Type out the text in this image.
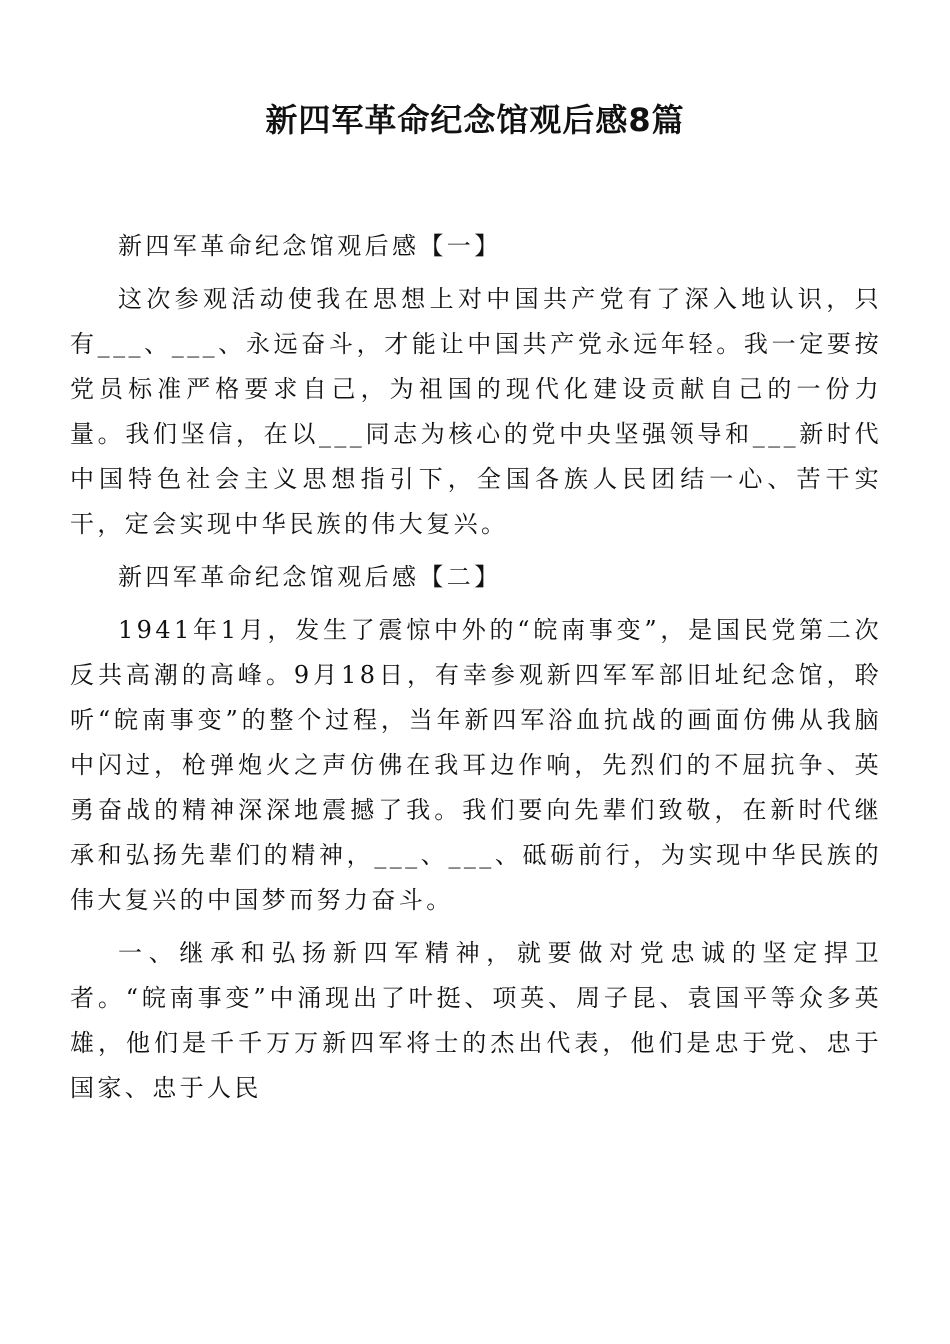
新四军革命纪念馆观后感8篇

新四军革命纪念馆观后感【一】

这次参观活动使我在思想上对中国共产党有了深入地认识，只有___、___、永远奋斗，才能让中国共产党永远年轻。我一定要按党员标准严格要求自己，为祖国的现代化建设贡献自己的一份力量。我们坚信，在以___同志为核心的党中央坚强领导和___新时代中国特色社会主义思想指引下，全国各族人民团结一心、苦干实干，定会实现中华民族的伟大复兴。

新四军革命纪念馆观后感【二】

1941年1月，发生了震惊中外的“皖南事变”，是国民党第二次反共高潮的高峰。9月18日，有幸参观新四军军部旧址纪念馆，聆听“皖南事变”的整个过程，当年新四军浴血抗战的画面仿佛从我脑中闪过，枪弹炮火之声仿佛在我耳边作响，先烈们的不屈抗争、英勇奋战的精神深深地震撼了我。我们要向先辈们致敬，在新时代继承和弘扬先辈们的精神，___、___、砥砺前行，为实现中华民族的伟大复兴的中国梦而努力奋斗。

一、继承和弘扬新四军精神，就要做对党忠诚的坚定捍卫者。“皖南事变”中涌现出了叶挺、项英、周子昆、袁国平等众多英雄，他们是千千万万新四军将士的杰出代表，他们是忠于党、忠于国家、忠于人民
